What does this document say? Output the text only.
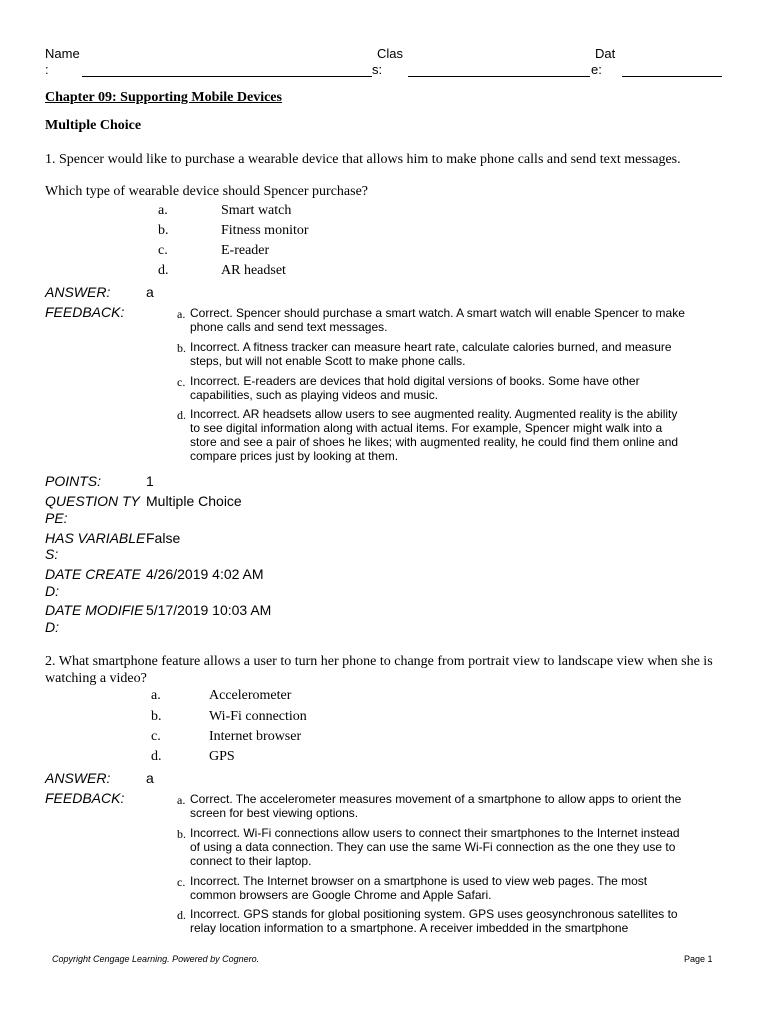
Name
:
Clas
s:
Dat
e:
Chapter 09: Supporting Mobile Devices
Multiple Choice
1. Spencer would like to purchase a wearable device that allows him to make phone calls and send text messages.
Which type of wearable device should Spencer purchase?
a.	Smart watch
b.	Fitness monitor
c.	E-reader
d.	AR headset
ANSWER:	a
FEEDBACK:	a. Correct. Spencer should purchase a smart watch. A smart watch will enable Spencer to make phone calls and send text messages.
b. Incorrect. A fitness tracker can measure heart rate, calculate calories burned, and measure steps, but will not enable Scott to make phone calls.
c. Incorrect. E-readers are devices that hold digital versions of books. Some have other capabilities, such as playing videos and music.
d. Incorrect. AR headsets allow users to see augmented reality. Augmented reality is the ability to see digital information along with actual items. For example, Spencer might walk into a store and see a pair of shoes he likes; with augmented reality, he could find them online and compare prices just by looking at them.
POINTS:	1
QUESTION TY
PE:
Multiple Choice
HAS VARIABLE
S:
False
DATE CREATE
D:
4/26/2019 4:02 AM
DATE MODIFIE
D:
5/17/2019 10:03 AM
2. What smartphone feature allows a user to turn her phone to change from portrait view to landscape view when she is
watching a video?
a.	Accelerometer
b.	Wi-Fi connection
c.	Internet browser
d.	GPS
ANSWER:	a
FEEDBACK:	a. Correct. The accelerometer measures movement of a smartphone to allow apps to orient the screen for best viewing options.
b. Incorrect. Wi-Fi connections allow users to connect their smartphones to the Internet instead of using a data connection. They can use the same Wi-Fi connection as the one they use to connect to their laptop.
c. Incorrect. The Internet browser on a smartphone is used to view web pages. The most common browsers are Google Chrome and Apple Safari.
d. Incorrect. GPS stands for global positioning system. GPS uses geosynchronous satellites to relay location information to a smartphone. A receiver imbedded in the smartphone
Copyright Cengage Learning. Powered by Cognero.	Page 1
